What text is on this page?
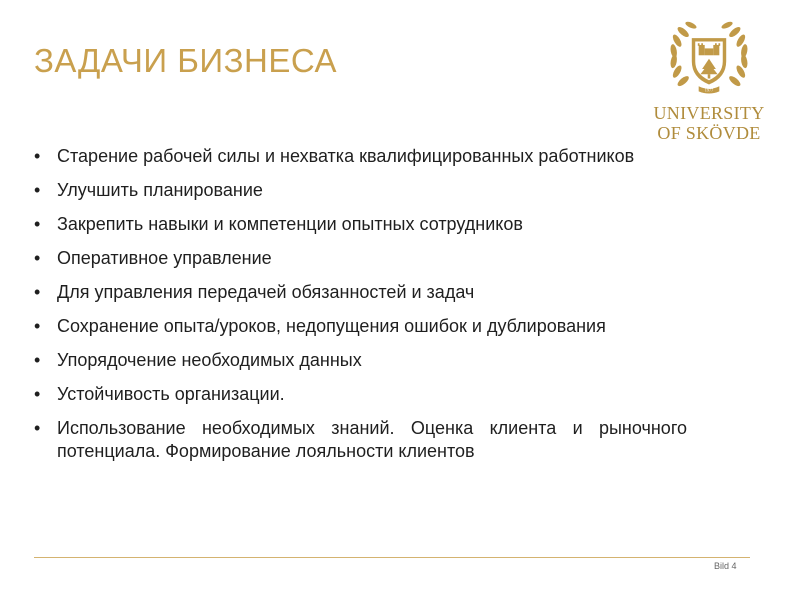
ЗАДАЧИ БИЗНЕСА
1977
UNIVERSITY
OF SKÖVDE
• Старение рабочей силы и нехватка квалифицированных работников
• Улучшить планирование
• Закрепить навыки и компетенции опытных сотрудников
• Оперативное управление
• Для управления передачей обязанностей и задач
• Сохранение опыта/уроков, недопущения ошибок и дублирования
• Упорядочение необходимых данных
• Устойчивость организации.
• Использование необходимых знаний. Оценка клиента и рыночного потенциала. Формирование лояльности клиентов
Bild 4
